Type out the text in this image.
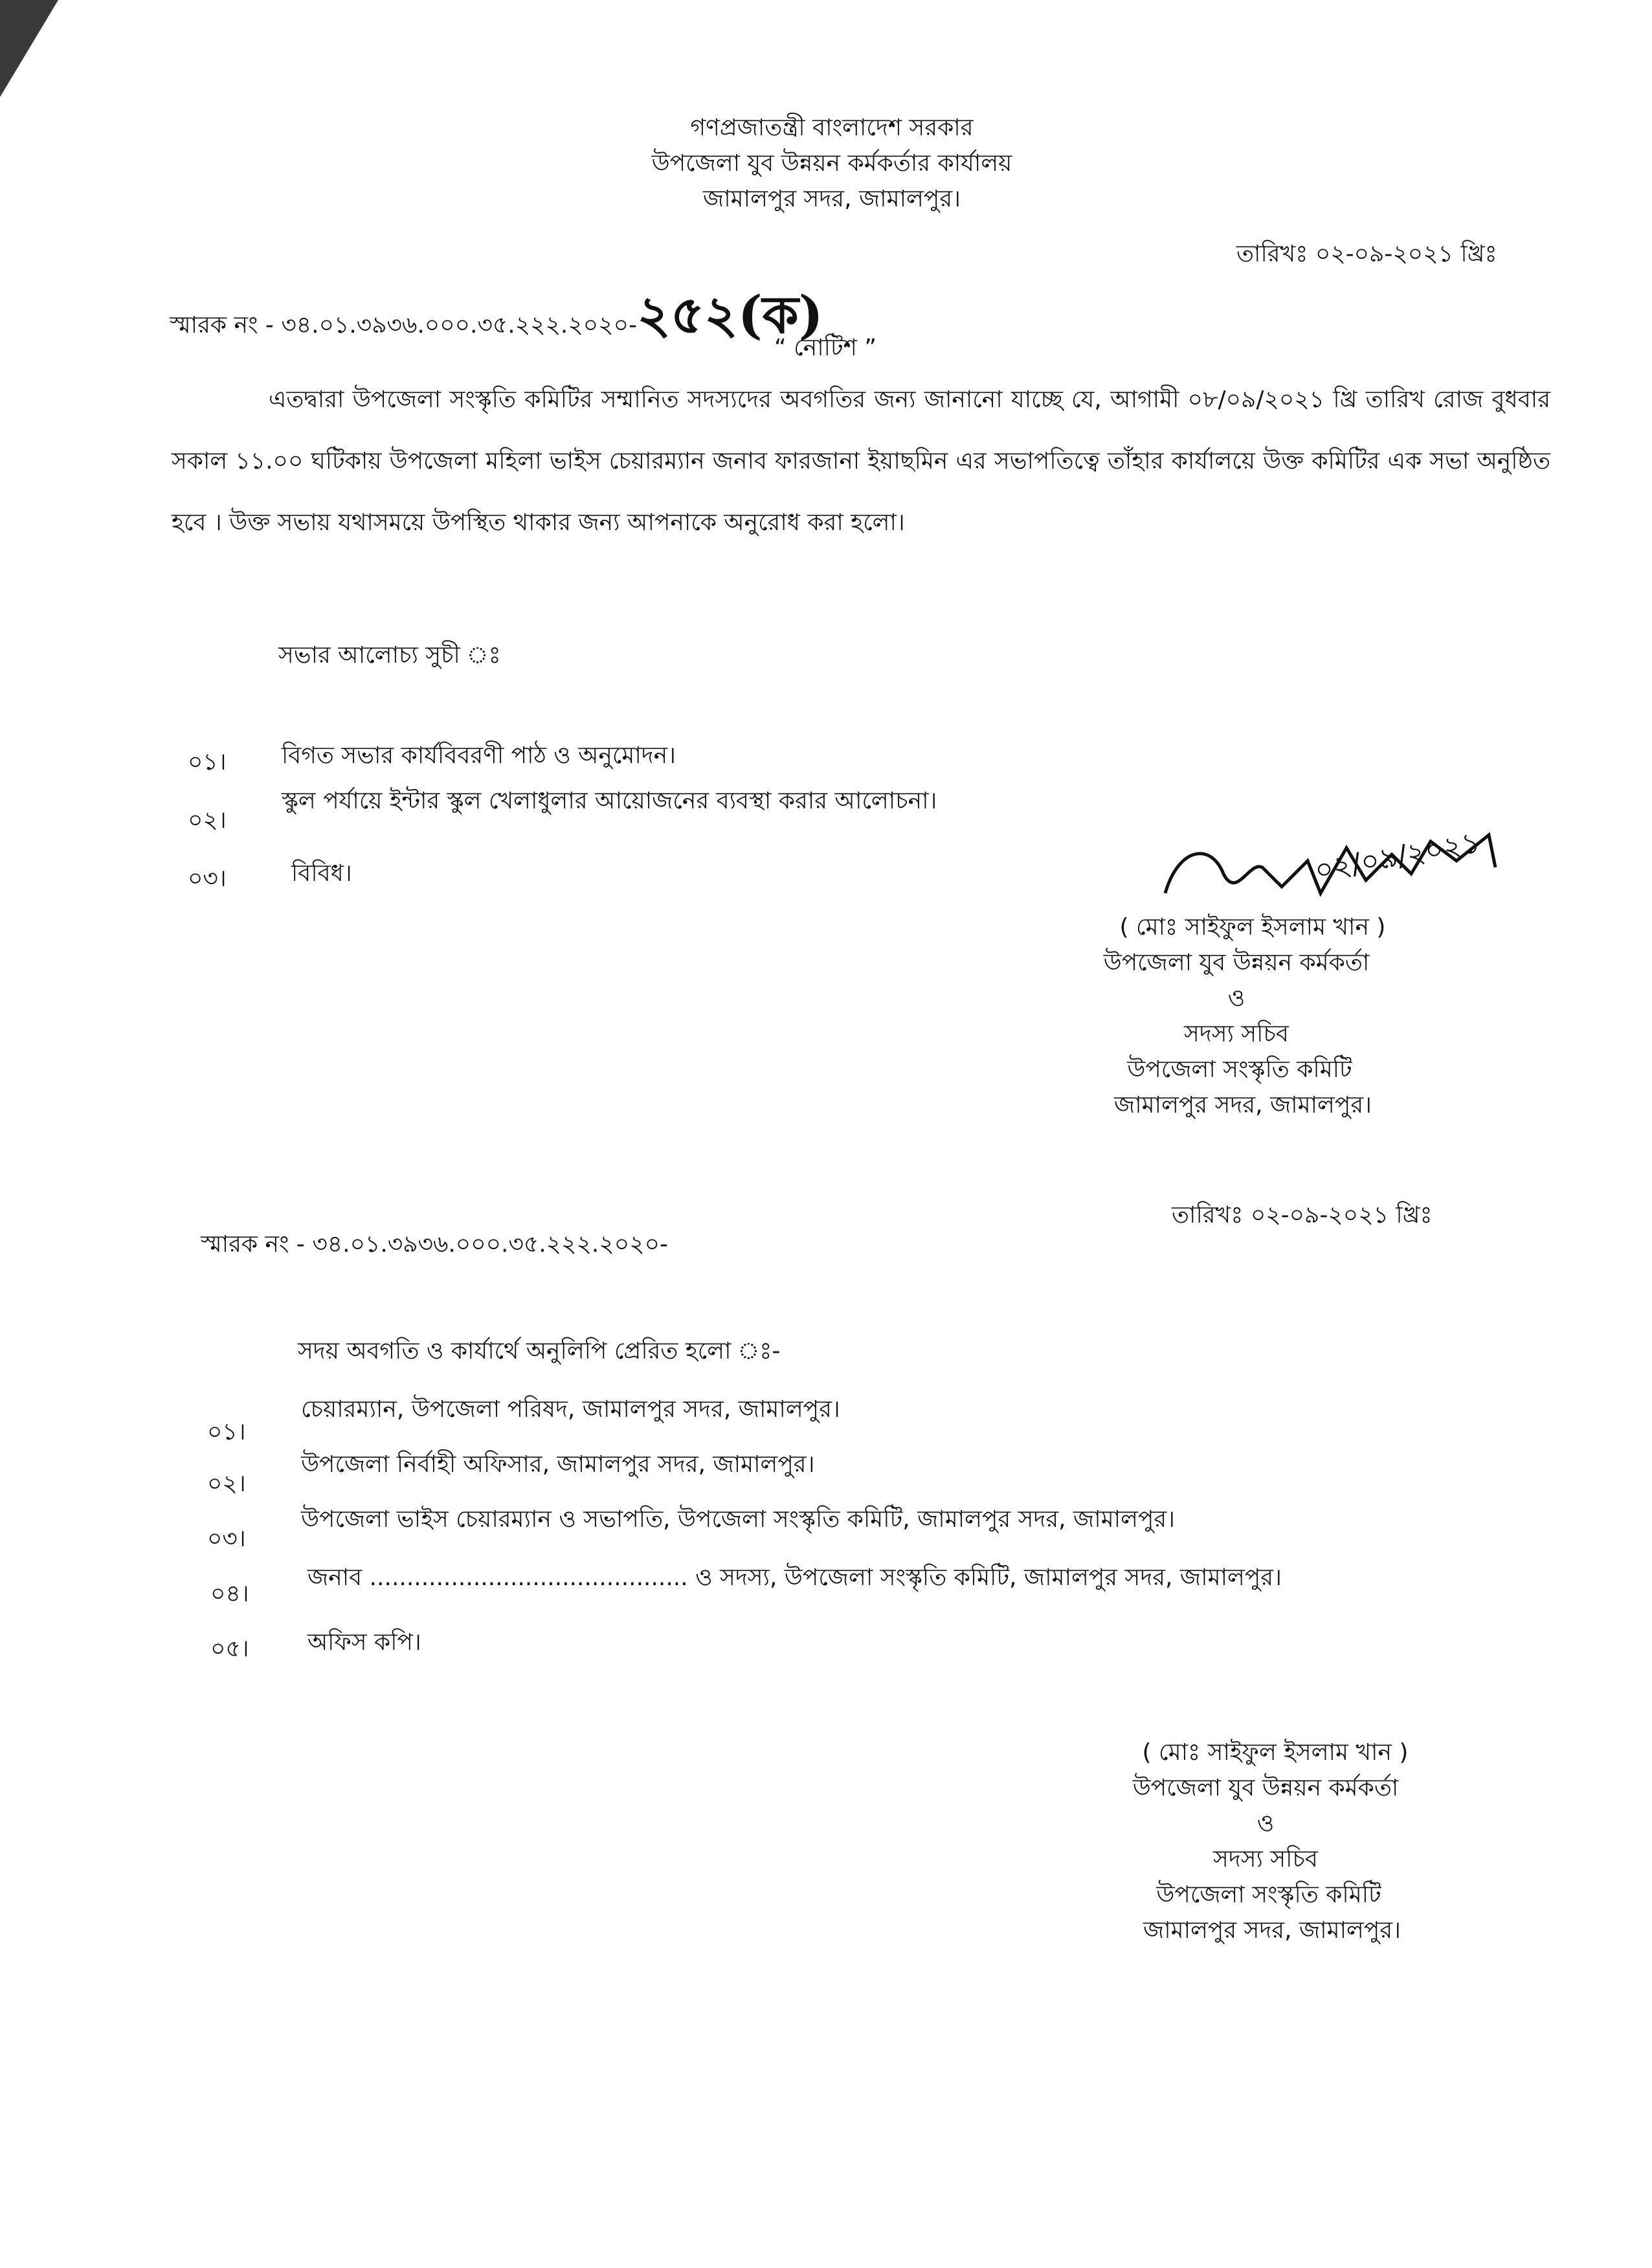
গণপ্রজাতন্ত্রী বাংলাদেশ সরকার
উপজেলা যুব উন্নয়ন কর্মকর্তার কার্যালয়
জামালপুর সদর, জামালপুর।
তারিখঃ ০২-০৯-২০২১ খ্রিঃ
স্মারক নং - ৩৪.০১.৩৯৩৬.০০০.৩৫.২২২.২০২০-২৫২(ক)
“ নোটিশ ”
এতদ্বারা উপজেলা সংস্কৃতি কমিটির সম্মানিত সদস্যদের অবগতির জন্য জানানো যাচ্ছে যে, আগামী ০৮/০৯/২০২১ খ্রি তারিখ রোজ বুধবার সকাল ১১.০০ ঘটিকায় উপজেলা মহিলা ভাইস চেয়ারম্যান জনাব ফারজানা ইয়াছমিন এর সভাপতিত্বে তাঁহার কার্যালয়ে উক্ত কমিটির এক সভা অনুষ্ঠিত হবে । উক্ত সভায় যথাসময়ে উপস্থিত থাকার জন্য আপনাকে অনুরোধ করা হলো।
সভার আলোচ্য সুচী ঃ
০১। বিগত সভার কার্যবিবরণী পাঠ ও অনুমোদন।
০২।
স্কুল পর্যায়ে ইন্টার স্কুল খেলাধুলার আয়োজনের ব্যবস্থা করার আলোচনা।
০৩।	বিবিধ।	০২/০৯/২০২১
( মোঃ সাইফুল ইসলাম খান )
উপজেলা যুব উন্নয়ন কর্মকর্তা
ও
সদস্য সচিব
উপজেলা সংস্কৃতি কমিটি
জামালপুর সদর, জামালপুর।
তারিখঃ ০২-০৯-২০২১ খ্রিঃ
স্মারক নং - ৩৪.০১.৩৯৩৬.০০০.৩৫.২২২.২০২০-
সদয় অবগতি ও কার্যার্থে অনুলিপি প্রেরিত হলো ঃ-
০১।
চেয়ারম্যান, উপজেলা পরিষদ, জামালপুর সদর, জামালপুর।
০২।
উপজেলা নির্বাহী অফিসার, জামালপুর সদর, জামালপুর।
০৩।
উপজেলা ভাইস চেয়ারম্যান ও সভাপতি, উপজেলা সংস্কৃতি কমিটি, জামালপুর সদর, জামালপুর।
০৪।
জনাব ........................................... ও সদস্য, উপজেলা সংস্কৃতি কমিটি, জামালপুর সদর, জামালপুর।
০৫।	অফিস কপি।
( মোঃ সাইফুল ইসলাম খান )
উপজেলা যুব উন্নয়ন কর্মকর্তা
ও
সদস্য সচিব
উপজেলা সংস্কৃতি কমিটি
জামালপুর সদর, জামালপুর।
